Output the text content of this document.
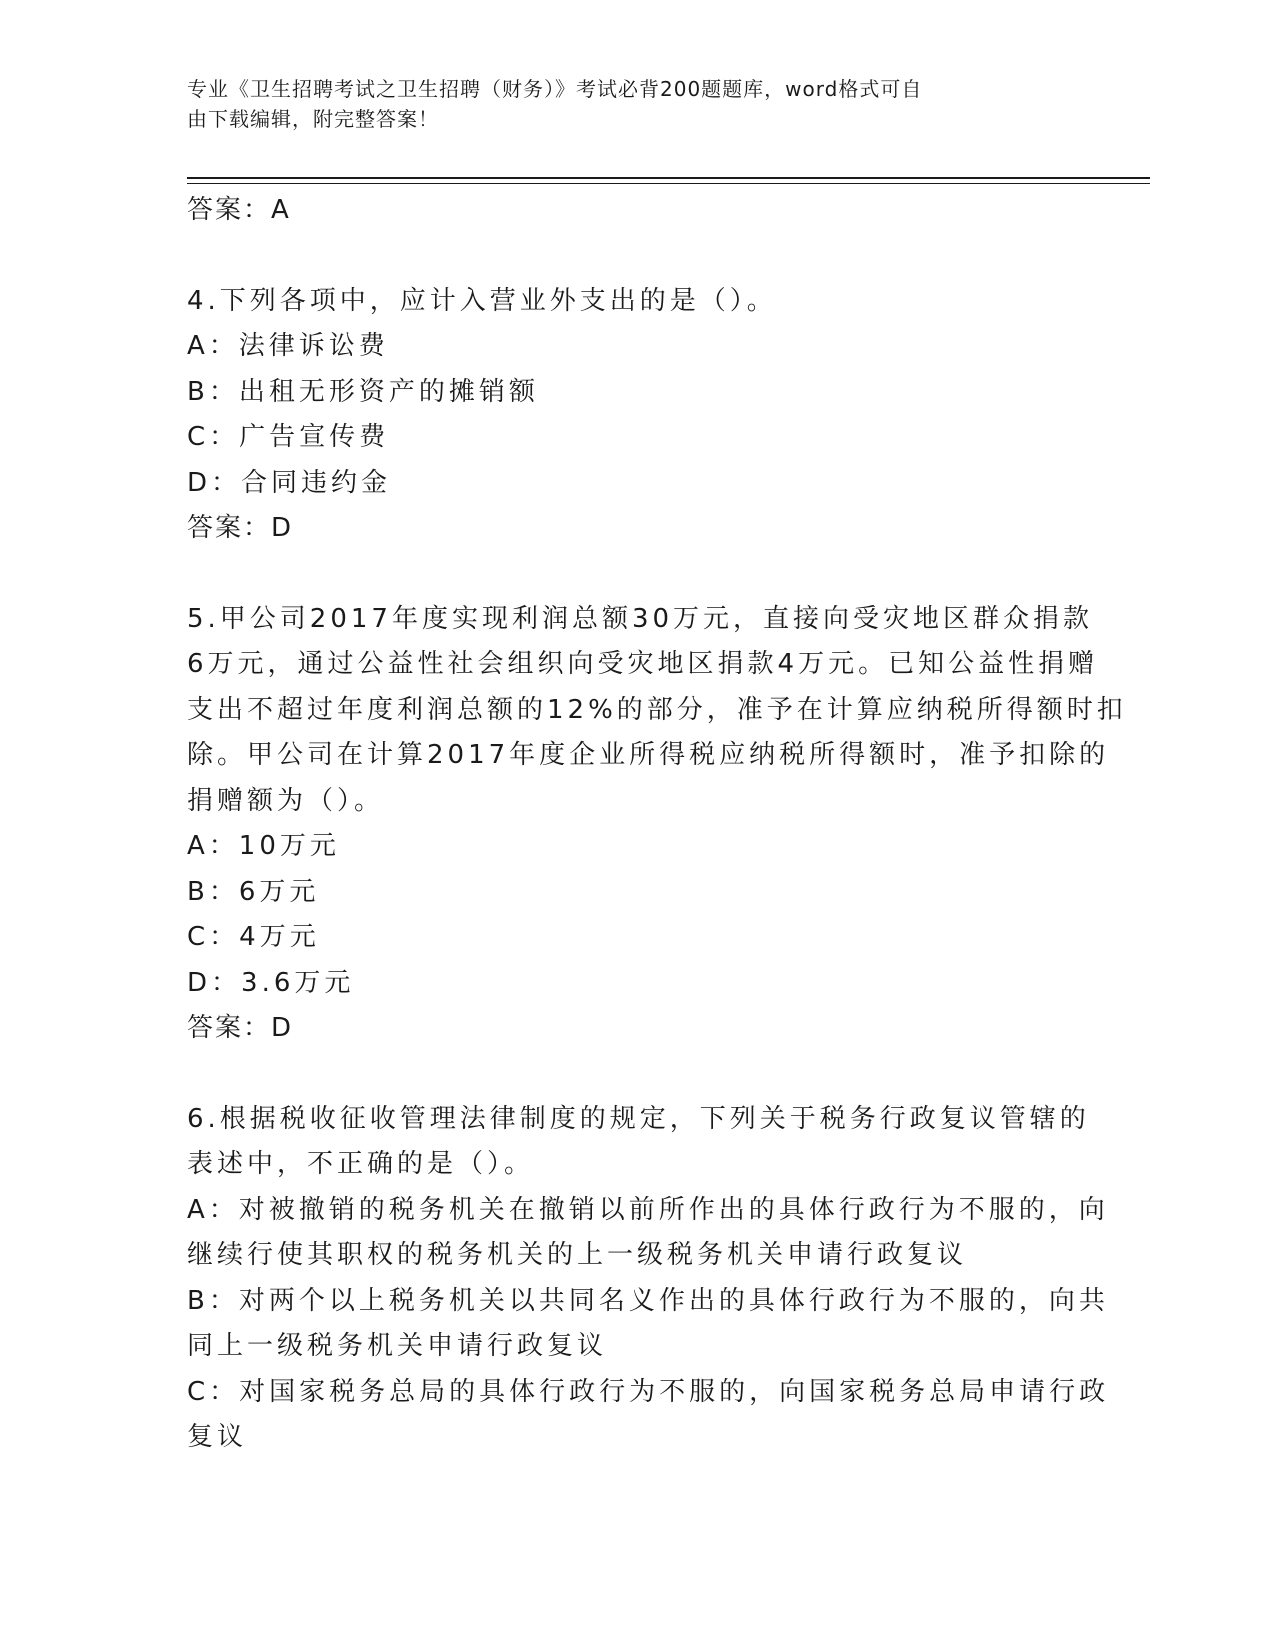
专业《卫生招聘考试之卫生招聘（财务）》考试必背200题题库，word格式可自
由下载编辑，附完整答案！
答案：A
4.下列各项中，应计入营业外支出的是（）。
A：法律诉讼费
B：出租无形资产的摊销额
C：广告宣传费
D：合同违约金
答案：D
5.甲公司2017年度实现利润总额30万元，直接向受灾地区群众捐款
6万元，通过公益性社会组织向受灾地区捐款4万元。已知公益性捐赠
支出不超过年度利润总额的12%的部分，准予在计算应纳税所得额时扣
除。甲公司在计算2017年度企业所得税应纳税所得额时，准予扣除的
捐赠额为（）。
A：10万元
B：6万元
C：4万元
D：3.6万元
答案：D
6.根据税收征收管理法律制度的规定，下列关于税务行政复议管辖的
表述中，不正确的是（）。
A：对被撤销的税务机关在撤销以前所作出的具体行政行为不服的，向
继续行使其职权的税务机关的上一级税务机关申请行政复议
B：对两个以上税务机关以共同名义作出的具体行政行为不服的，向共
同上一级税务机关申请行政复议
C：对国家税务总局的具体行政行为不服的，向国家税务总局申请行政
复议
